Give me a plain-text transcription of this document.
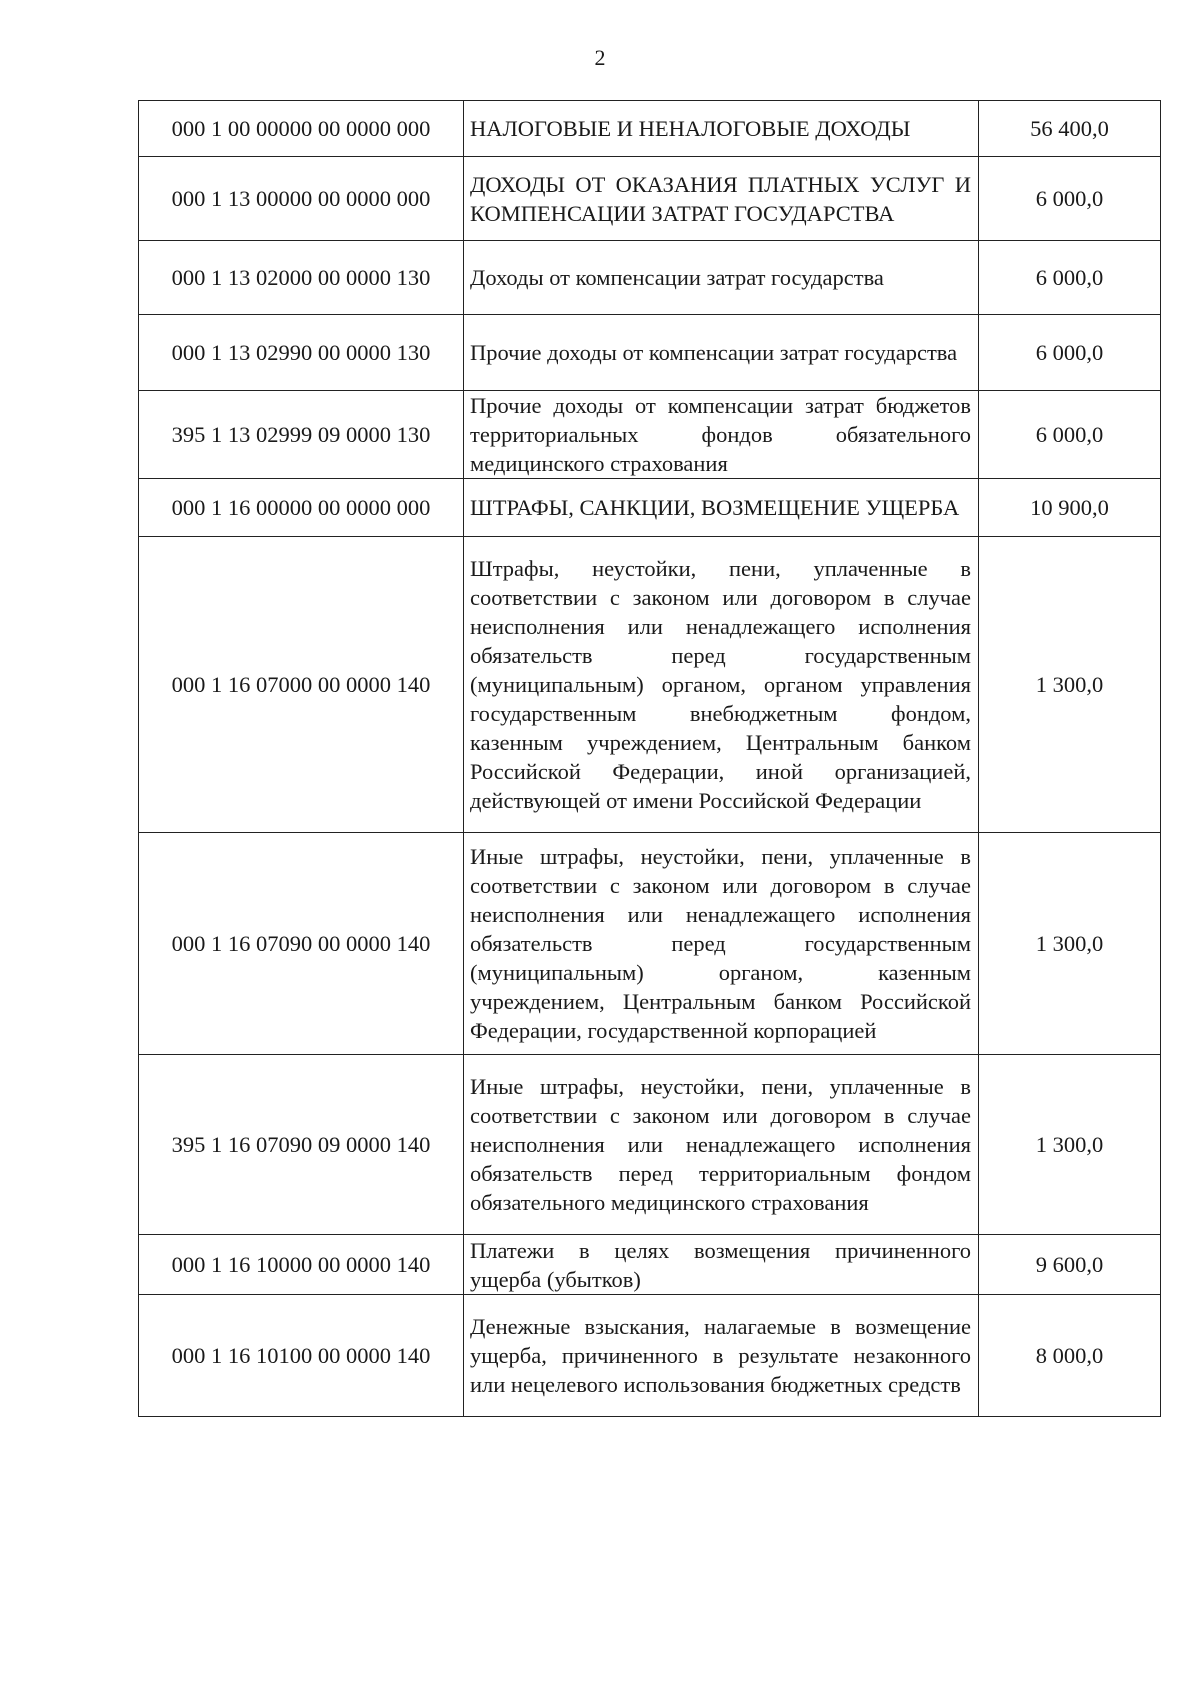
2
000 1 00 00000 00 0000 000	НАЛОГОВЫЕ И НЕНАЛОГОВЫЕ ДОХОДЫ	56 400,0
000 1 13 00000 00 0000 000	ДОХОДЫ ОТ ОКАЗАНИЯ ПЛАТНЫХ УСЛУГ И КОМПЕНСАЦИИ ЗАТРАТ ГОСУДАРСТВА	6 000,0
000 1 13 02000 00 0000 130	Доходы от компенсации затрат государства	6 000,0
000 1 13 02990 00 0000 130	Прочие доходы от компенсации затрат государства	6 000,0
395 1 13 02999 09 0000 130	Прочие доходы от компенсации затрат бюджетов территориальных фондов обязательного медицинского страхования	6 000,0
000 1 16 00000 00 0000 000	ШТРАФЫ, САНКЦИИ, ВОЗМЕЩЕНИЕ УЩЕРБА	10 900,0
000 1 16 07000 00 0000 140	Штрафы, неустойки, пени, уплаченные в соответствии с законом или договором в случае неисполнения или ненадлежащего исполнения обязательств перед государственным (муниципальным) органом, органом управления государственным внебюджетным фондом, казенным учреждением, Центральным банком Российской Федерации, иной организацией, действующей от имени Российской Федерации	1 300,0
000 1 16 07090 00 0000 140	Иные штрафы, неустойки, пени, уплаченные в соответствии с законом или договором в случае неисполнения или ненадлежащего исполнения обязательств перед государственным (муниципальным) органом, казенным учреждением, Центральным банком Российской Федерации, государственной корпорацией	1 300,0
395 1 16 07090 09 0000 140	Иные штрафы, неустойки, пени, уплаченные в соответствии с законом или договором в случае неисполнения или ненадлежащего исполнения обязательств перед территориальным фондом обязательного медицинского страхования	1 300,0
000 1 16 10000 00 0000 140	Платежи в целях возмещения причиненного ущерба (убытков)	9 600,0
000 1 16 10100 00 0000 140	Денежные взыскания, налагаемые в возмещение ущерба, причиненного в результате незаконного или нецелевого использования бюджетных средств	8 000,0
